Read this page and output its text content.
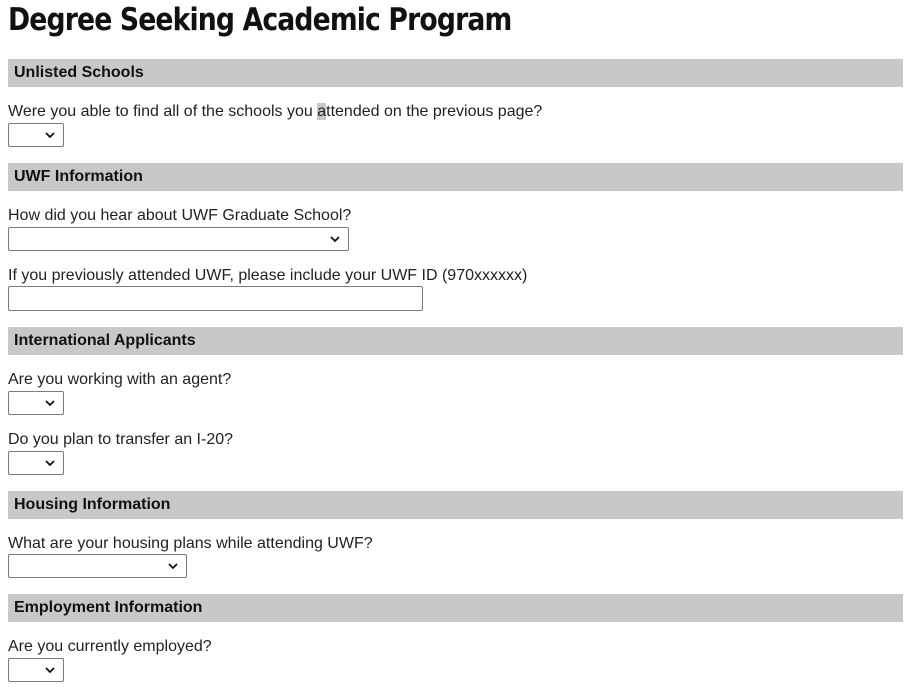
Degree Seeking Academic Program
Unlisted Schools
Were you able to find all of the schools you attended on the previous page?
UWF Information
How did you hear about UWF Graduate School?
If you previously attended UWF, please include your UWF ID (970xxxxxx)
International Applicants
Are you working with an agent?
Do you plan to transfer an I-20?
Housing Information
What are your housing plans while attending UWF?
Employment Information
Are you currently employed?
